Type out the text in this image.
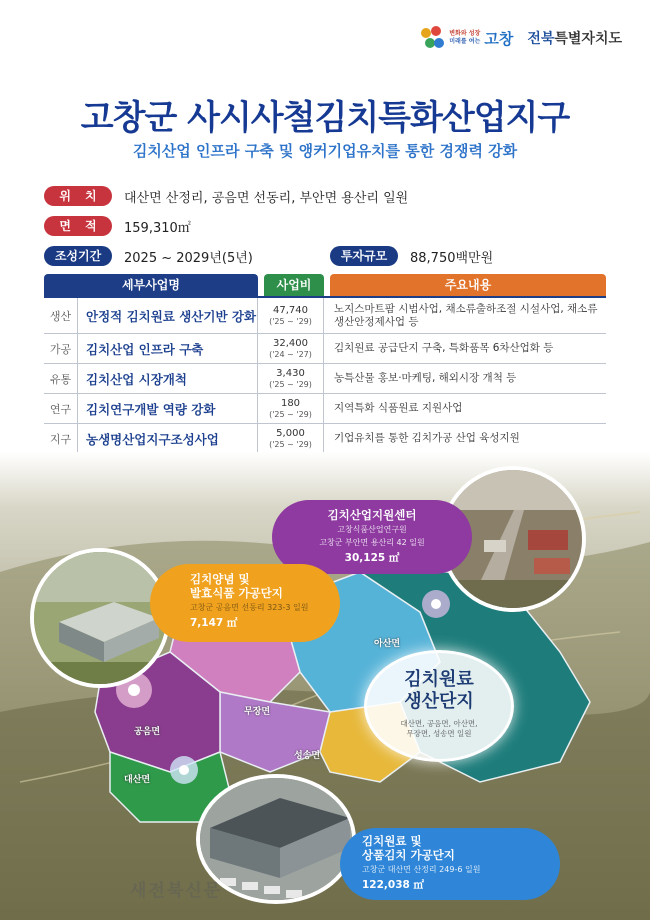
변화와 성장
미래를 여는 고창 전북특별자치도
고창군 사시사철김치특화산업지구
김치산업 인프라 구축 및 앵커기업유치를 통한 경쟁력 강화
위치 대산면 산정리, 공음면 선동리, 부안면 용산리 일원
면적 159,310㎡
조성기간	2025 ~ 2029년(5년)	투자규모	88,750백만원
세부사업명	사업비	주요내용
생산	안정적 김치원료 생산기반 강화	47,740
('25 ~ '29)
노지스마트팜 시범사업, 채소류출하조절 시설사업, 채소류 생산안정제사업 등
가공	김치산업 인프라 구축	32,400
('24 ~ '27)	김치원료 공급단지 구축, 특화품목 6차산업화 등
유통	김치산업 시장개척	3,430
('25 ~ '29)	농특산물 홍보·마케팅, 해외시장 개척 등
연구	김치연구개발 역량 강화	180
('25 ~ '29)	지역특화 식품원료 지원사업
지구	농생명산업지구조성사업	5,000
('25 ~ '29)	기업유치를 통한 김치가공 산업 육성지원
김치산업지원센터
고창식품산업연구원
고창군 부안면 용산리 42 일원
30,125 ㎡
김치양념 및
발효식품 가공단지
고창군 공음면 선동리 323-3 일원
7,147 ㎡
김치원료
생산단지
대산면, 공음면, 아산면,
무장면, 성송면 일원
김치원료 및
상품김치 가공단지
고창군 대산면 산정리 249-6 일원
122,038 ㎡
아산면
무장면
공음면
대산면
성송면
새전북신문
